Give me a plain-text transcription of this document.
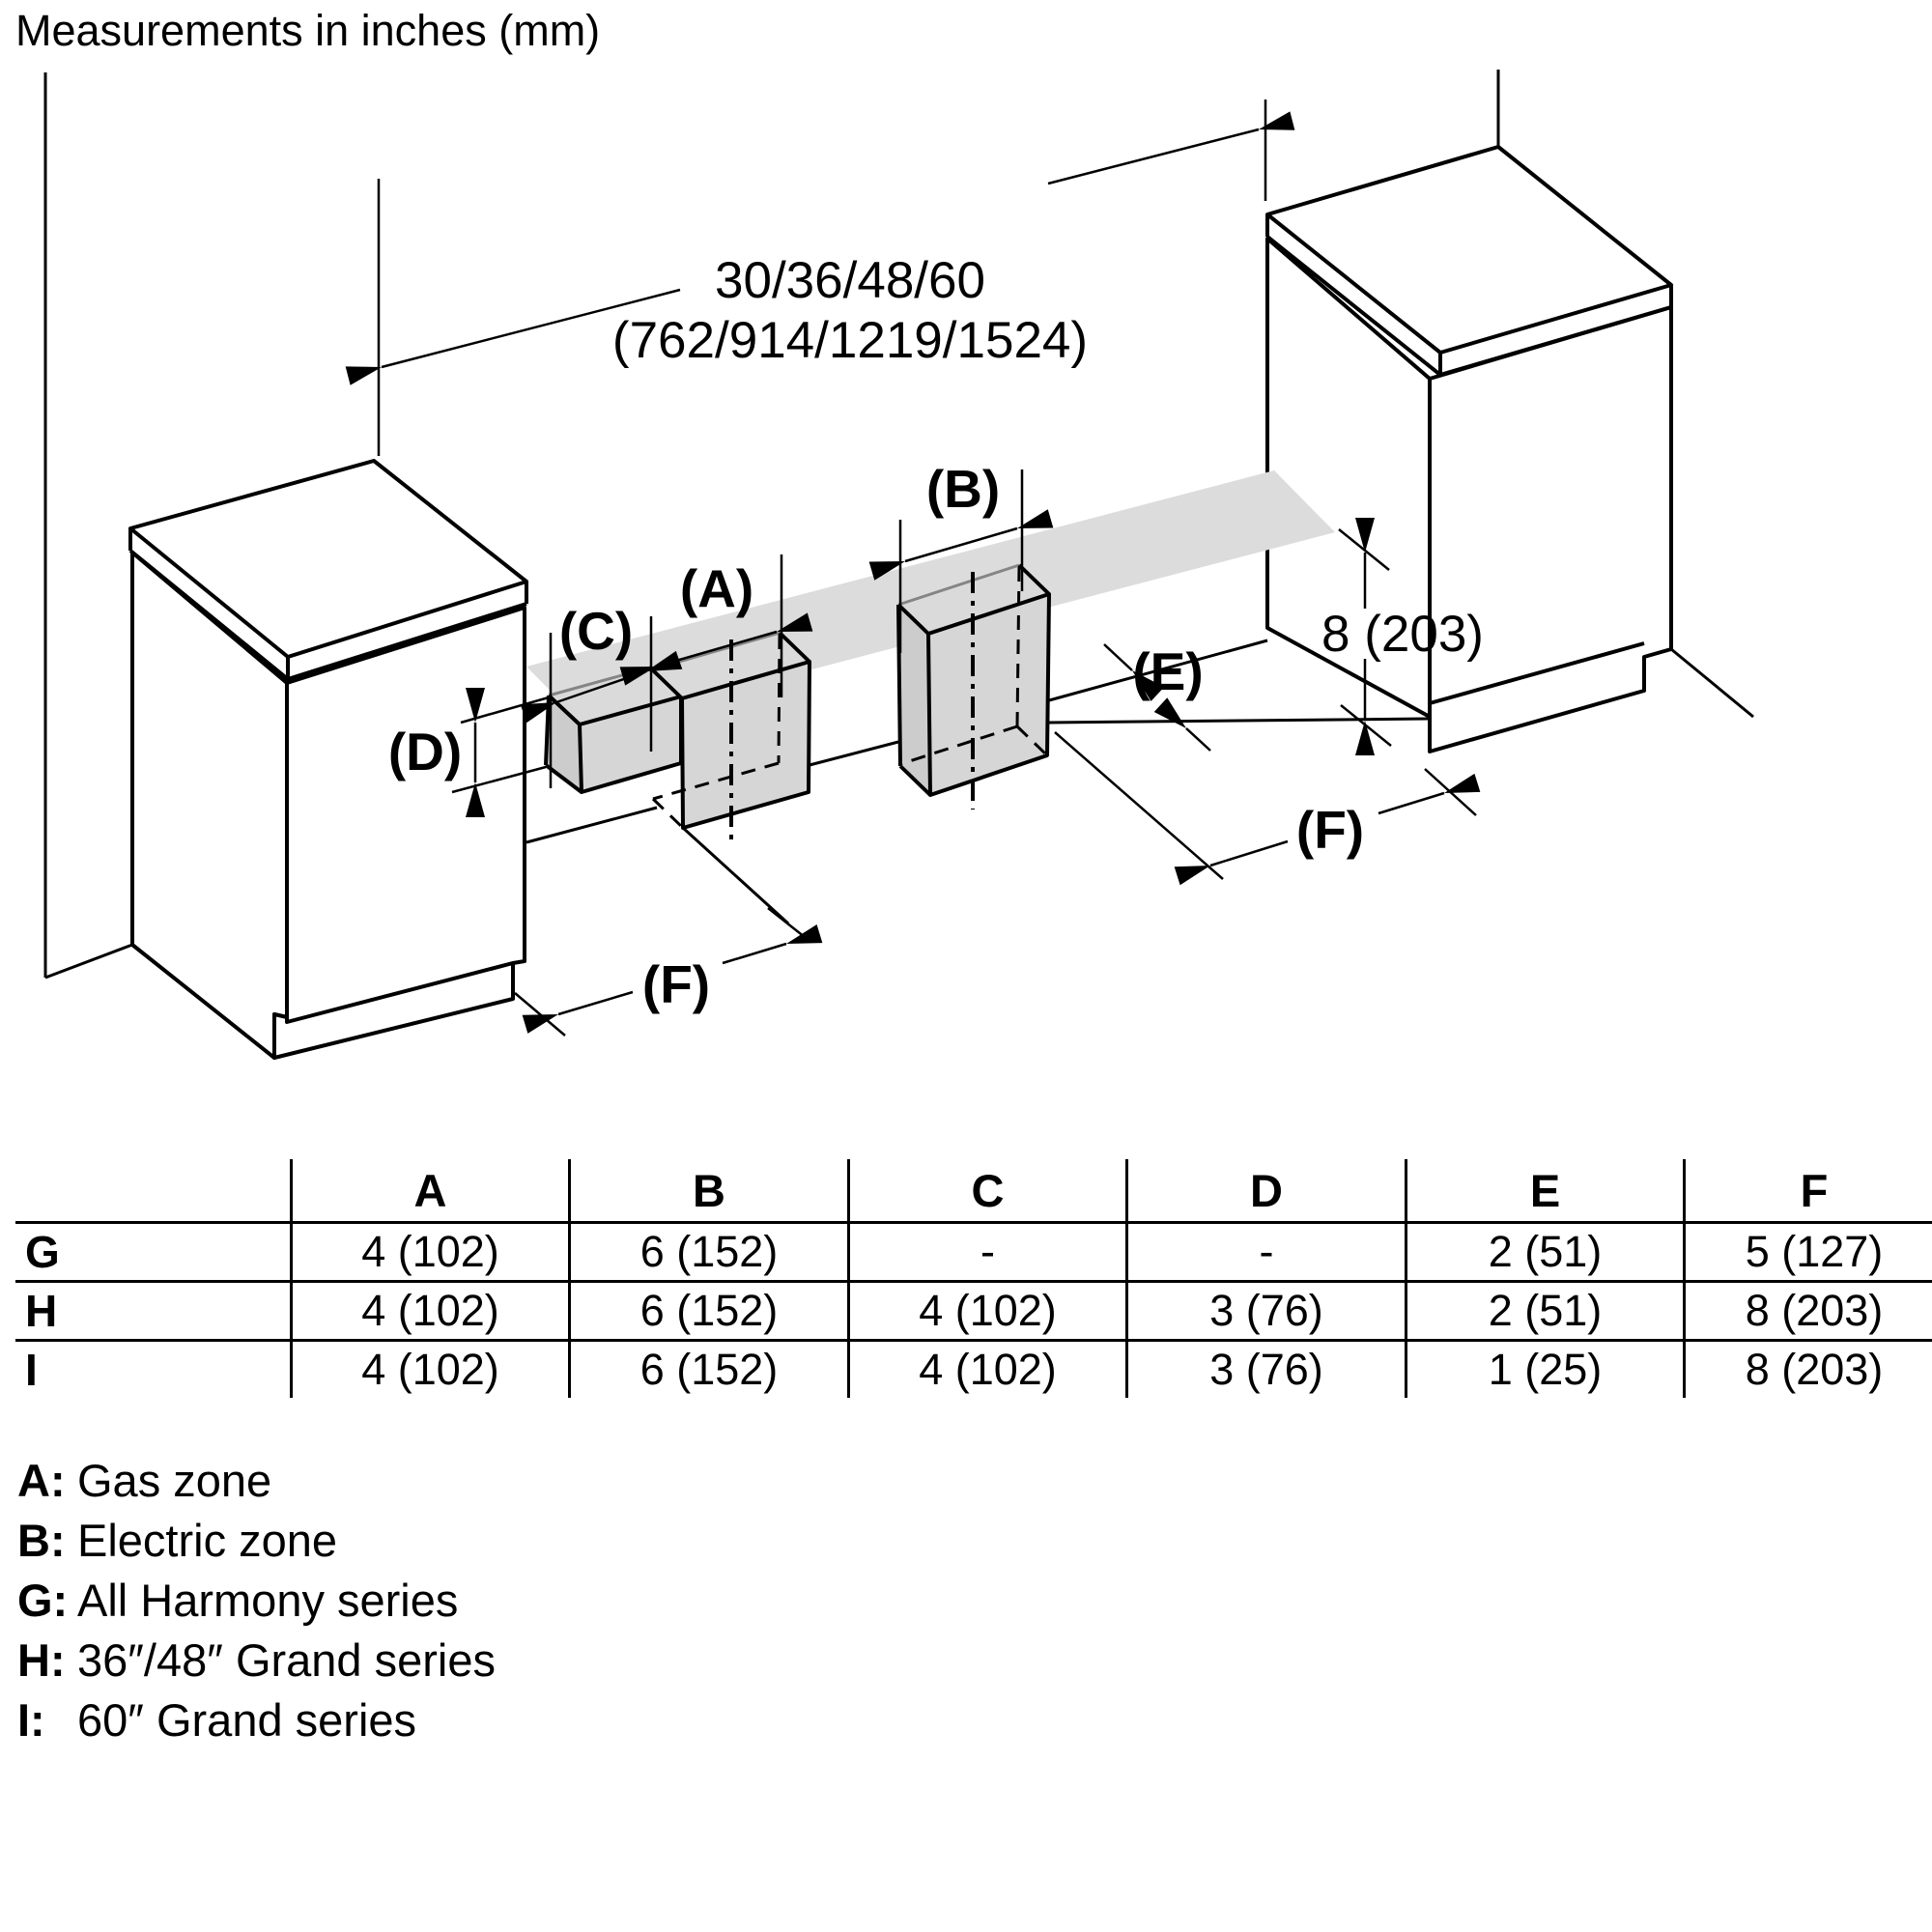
Measurements in inches (mm)
30/36/48/60
(762/914/1219/1524)
(C)
(A)
(B)
(D)
(E)
8 (203)
(F)
(F)
	A	B	C	D	E	F
G	4 (102)	6 (152)	-	-	2 (51)	5 (127)
H	4 (102)	6 (152)	4 (102)	3 (76)	2 (51)	8 (203)
I	4 (102)	6 (152)	4 (102)	3 (76)	1 (25)	8 (203)
A: Gas zone
B: Electric zone
G: All Harmony series
H: 36″/48″ Grand series
I: 60″ Grand series
